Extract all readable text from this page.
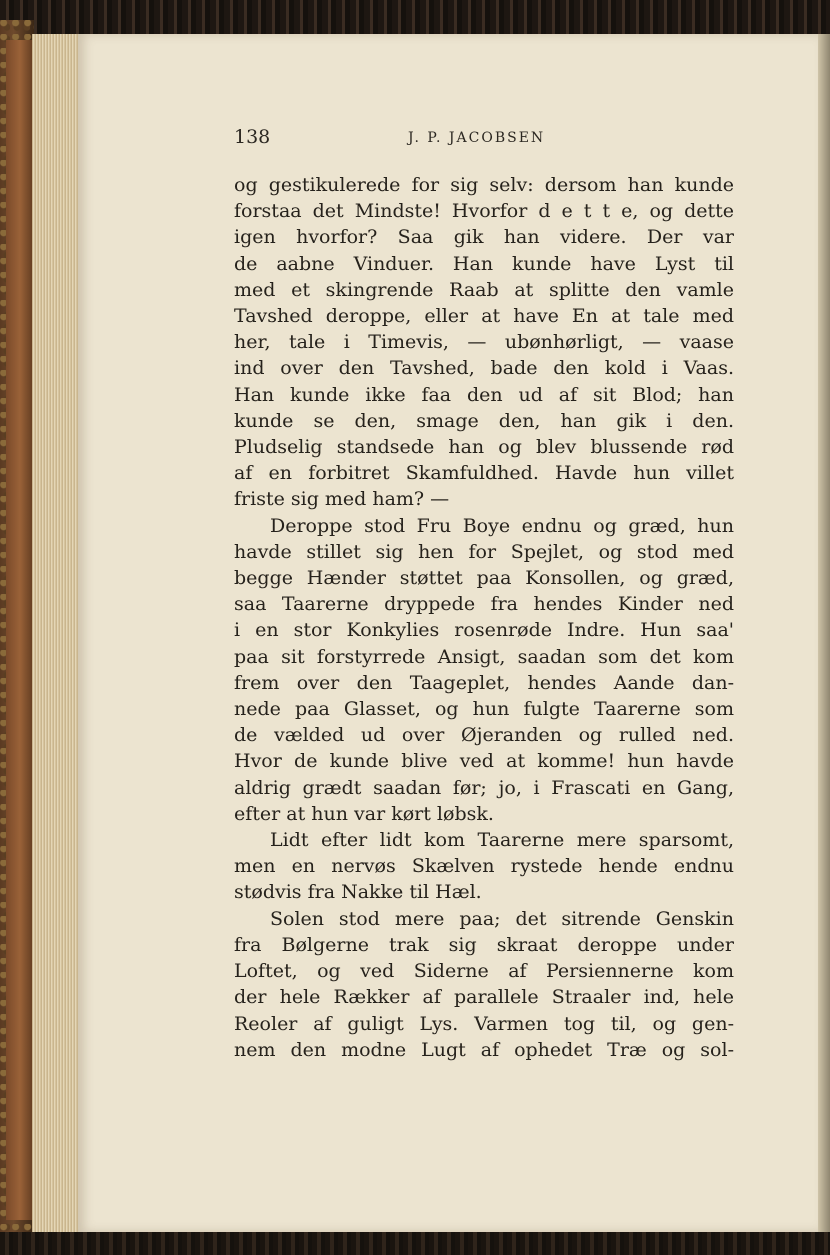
138	J. P. JACOBSEN
og gestikulerede for sig selv: dersom han kunde
forstaa det Mindste! Hvorfor d e t t e, og dette
igen hvorfor? Saa gik han videre. Der var
de aabne Vinduer. Han kunde have Lyst til
med et skingrende Raab at splitte den vamle
Tavshed deroppe, eller at have En at tale med
her, tale i Timevis, — ubønhørligt, — vaase
ind over den Tavshed, bade den kold i Vaas.
Han kunde ikke faa den ud af sit Blod; han
kunde se den, smage den, han gik i den.
Pludselig standsede han og blev blussende rød
af en forbitret Skamfuldhed. Havde hun villet
friste sig med ham? —
Deroppe stod Fru Boye endnu og græd, hun
havde stillet sig hen for Spejlet, og stod med
begge Hænder støttet paa Konsollen, og græd,
saa Taarerne dryppede fra hendes Kinder ned
i en stor Konkylies rosenrøde Indre. Hun saa'
paa sit forstyrrede Ansigt, saadan som det kom
frem over den Taageplet, hendes Aande dan-
nede paa Glasset, og hun fulgte Taarerne som
de vælded ud over Øjeranden og rulled ned.
Hvor de kunde blive ved at komme! hun havde
aldrig grædt saadan før; jo, i Frascati en Gang,
efter at hun var kørt løbsk.
Lidt efter lidt kom Taarerne mere sparsomt,
men en nervøs Skælven rystede hende endnu
stødvis fra Nakke til Hæl.
Solen stod mere paa; det sitrende Genskin
fra Bølgerne trak sig skraat deroppe under
Loftet, og ved Siderne af Persiennerne kom
der hele Rækker af parallele Straaler ind, hele
Reoler af guligt Lys. Varmen tog til, og gen-
nem den modne Lugt af ophedet Træ og sol-
